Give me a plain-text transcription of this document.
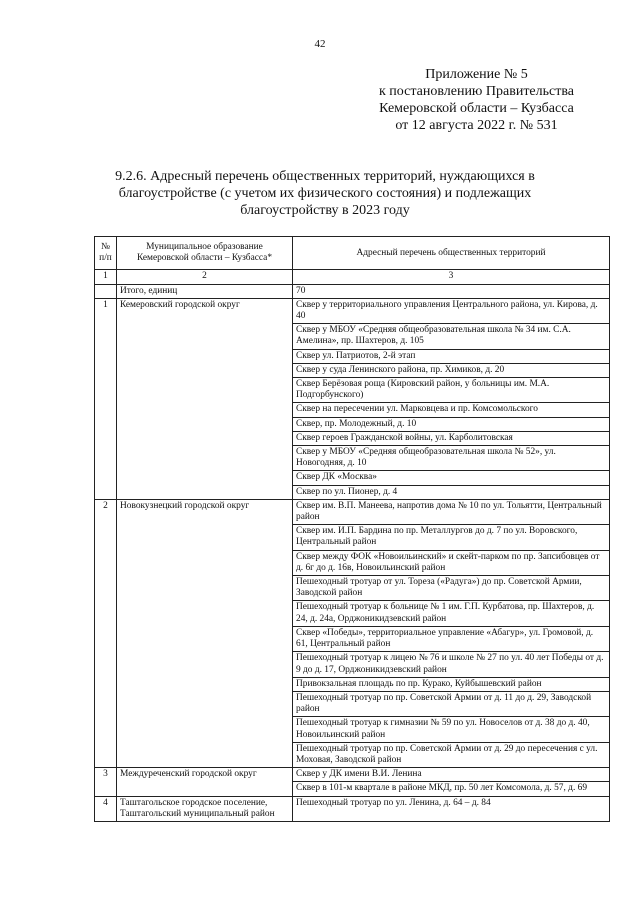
42
Приложение № 5
к постановлению Правительства
Кемеровской области – Кузбасса
от 12 августа 2022 г. № 531
9.2.6. Адресный перечень общественных территорий, нуждающихся в благоустройстве (с учетом их физического состояния) и подлежащих благоустройству в 2023 году
№ п/п	Муниципальное образование Кемеровской области – Кузбасса*	Адресный перечень общественных территорий
1	2	3
	Итого, единиц	70
1	Кемеровский городской округ	Сквер у территориального управления Центрального района, ул. Кирова, д. 40
		Сквер у МБОУ «Средняя общеобразовательная школа № 34 им. С.А. Амелина», пр. Шахтеров, д. 105
		Сквер ул. Патриотов, 2-й этап
		Сквер у суда Ленинского района, пр. Химиков, д. 20
		Сквер Берёзовая роща (Кировский район, у больницы им. М.А. Подгорбунского)
		Сквер на пересечении ул. Марковцева и пр. Комсомольского
		Сквер, пр. Молодежный, д. 10
		Сквер героев Гражданской войны, ул. Карболитовская
		Сквер у МБОУ «Средняя общеобразовательная школа № 52», ул. Новогодняя, д. 10
		Сквер ДК «Москва»
		Сквер по ул. Пионер, д. 4
2	Новокузнецкий городской округ	Сквер им. В.П. Манеева, напротив дома № 10 по ул. Тольятти, Центральный район
		Сквер им. И.П. Бардина по пр. Металлургов до д. 7 по ул. Воровского, Центральный район
		Сквер между ФОК «Новоильинский» и скейт-парком по пр. Запсибовцев от д. 6г до д. 16в, Новоильинский район
		Пешеходный тротуар от ул. Тореза («Радуга») до пр. Советской Армии, Заводской район
		Пешеходный тротуар к больнице № 1 им. Г.П. Курбатова, пр. Шахтеров, д. 24, д. 24а, Орджоникидзевский район
		Сквер «Победы», территориальное управление «Абагур», ул. Громовой, д. 61, Центральный район
		Пешеходный тротуар к лицею № 76 и школе № 27 по ул. 40 лет Победы от д. 9 до д. 17, Орджоникидзевский район
		Привокзальная площадь по пр. Курако, Куйбышевский район
		Пешеходный тротуар по пр. Советской Армии от д. 11 до д. 29, Заводской район
		Пешеходный тротуар к гимназии № 59 по ул. Новоселов от д. 38 до д. 40, Новоильинский район
		Пешеходный тротуар по пр. Советской Армии от д. 29 до пересечения с ул. Моховая, Заводской район
3	Междуреченский городской округ	Сквер у ДК имени В.И. Ленина
		Сквер в 101-м квартале в районе МКД, пр. 50 лет Комсомола, д. 57, д. 69
4	Таштагольское городское поселение, Таштагольский муниципальный район	Пешеходный тротуар по ул. Ленина, д. 64 – д. 84
